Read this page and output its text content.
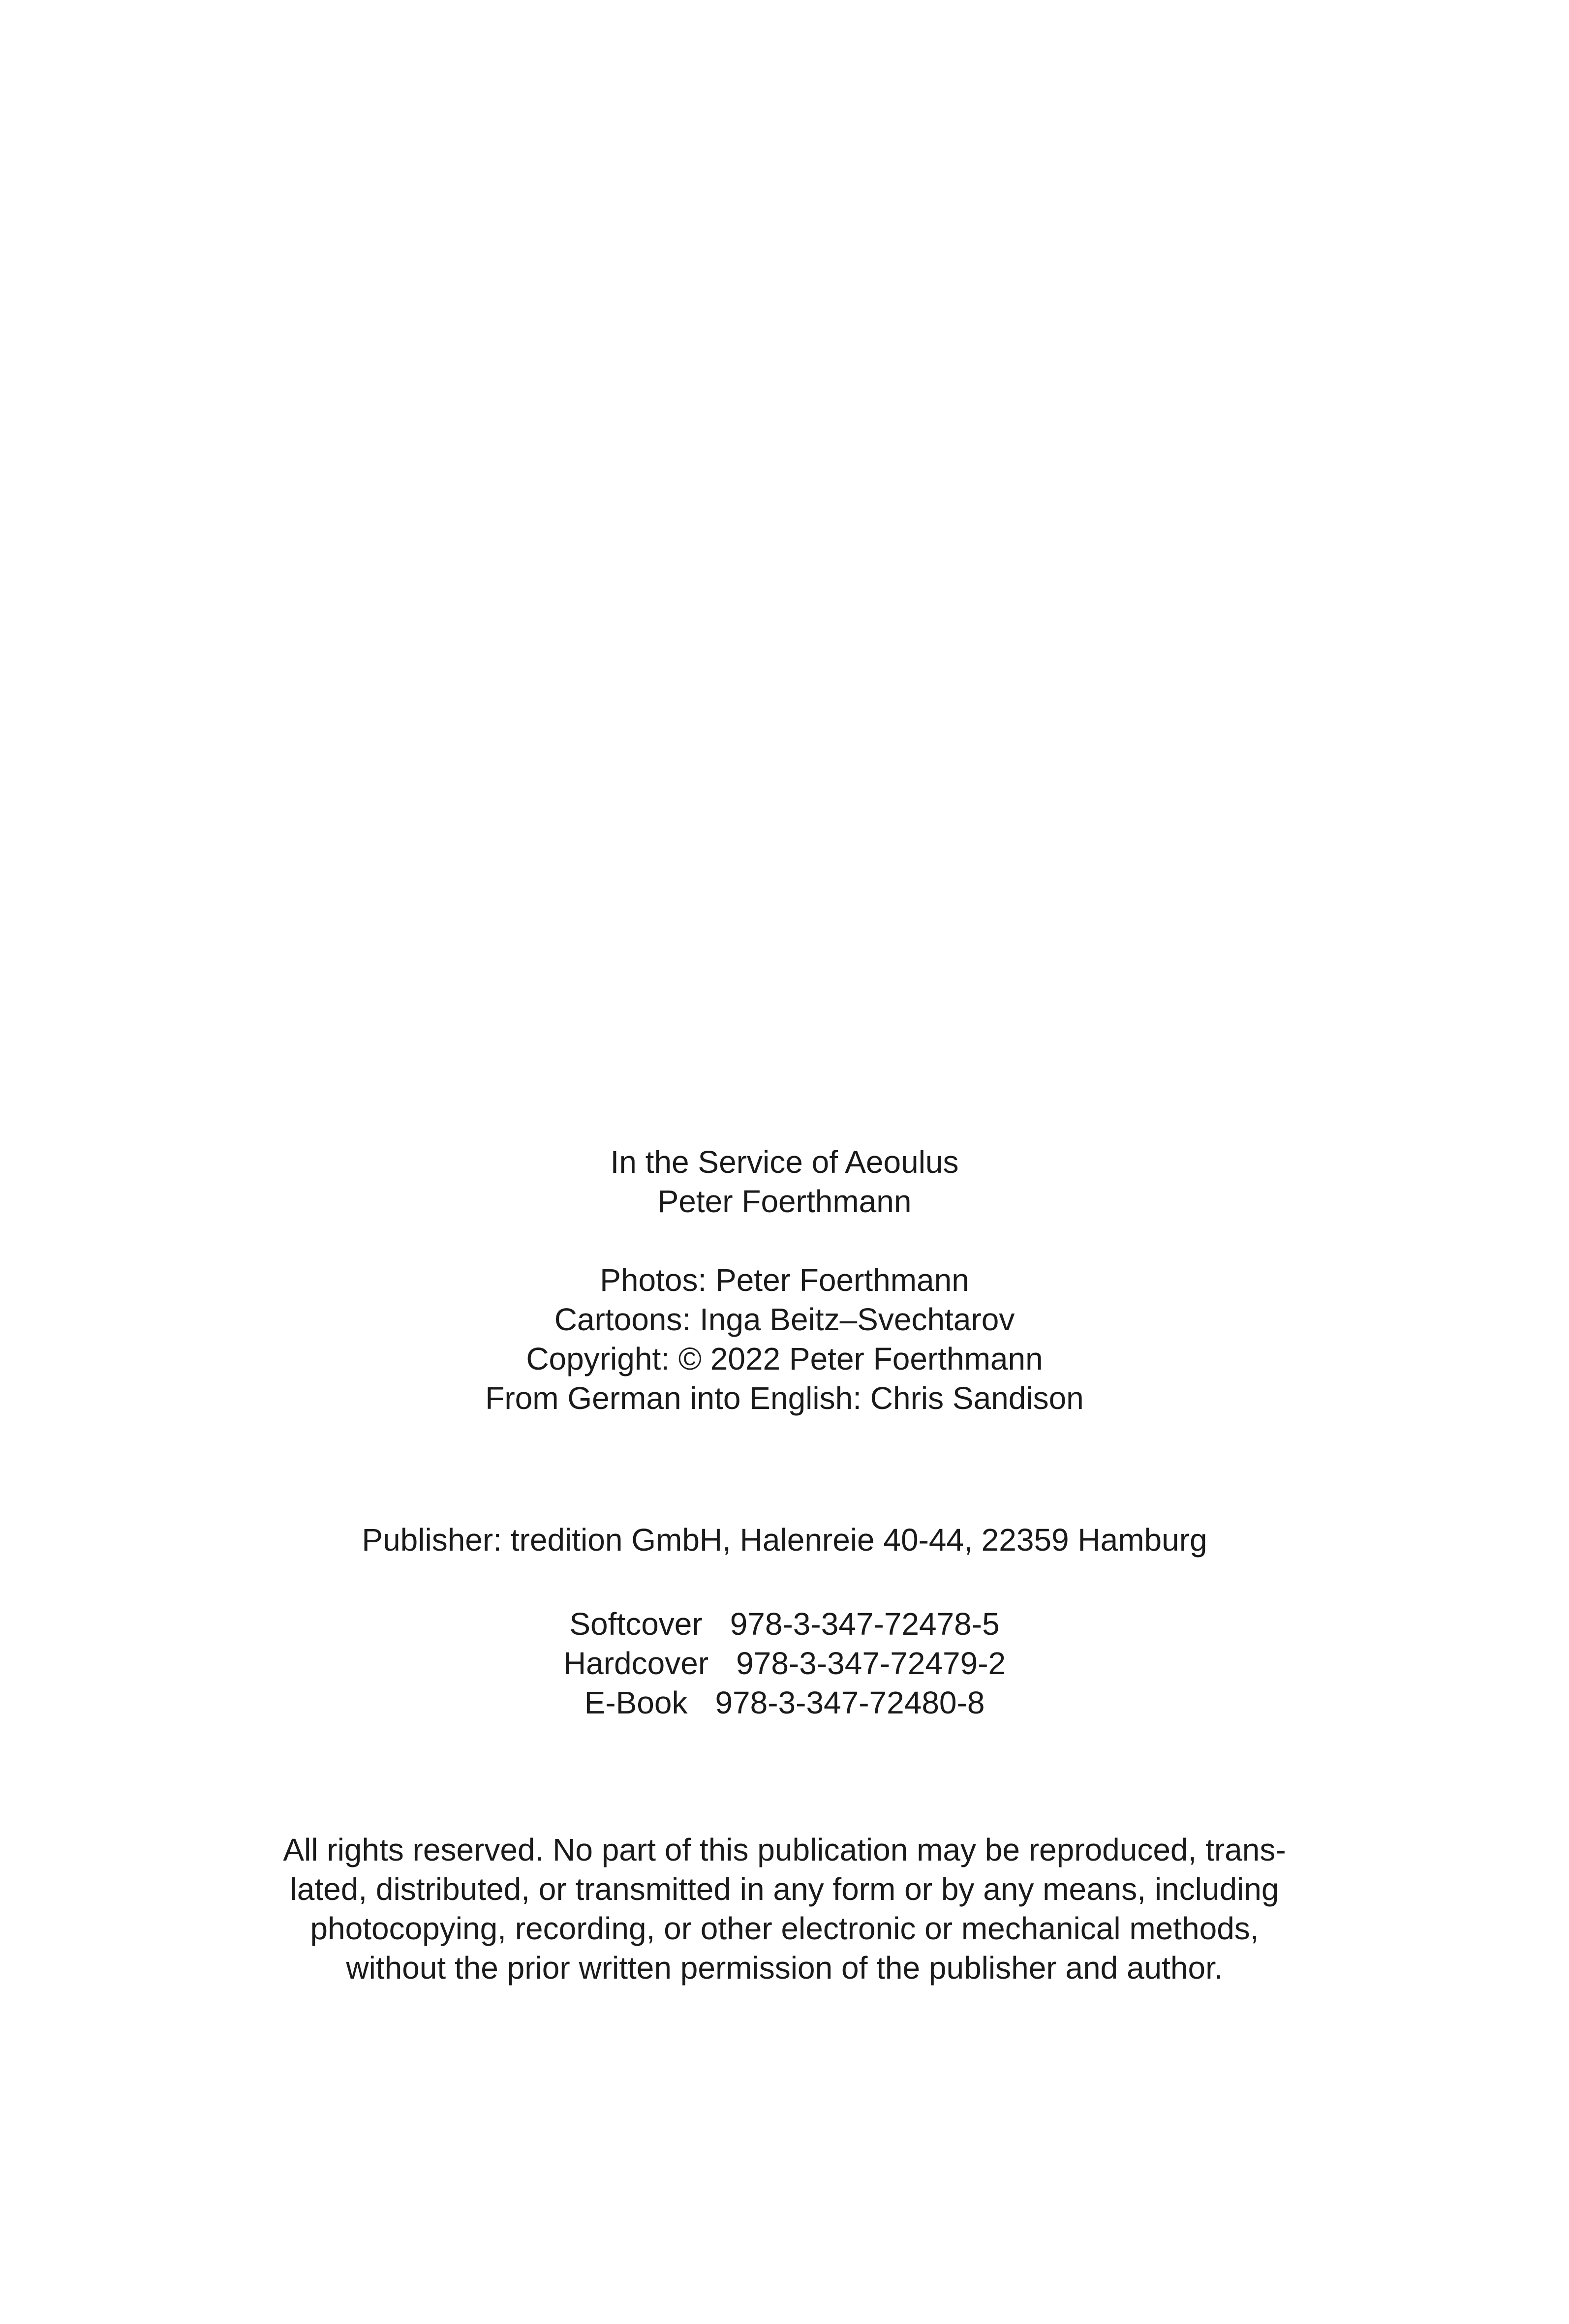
In the Service of Aeoulus
Peter Foerthmann
Photos: Peter Foerthmann
Cartoons: Inga Beitz–Svechtarov
Copyright: © 2022 Peter Foerthmann
From German into English: Chris Sandison
Publisher: tredition GmbH, Halenreie 40-44, 22359 Hamburg
Softcover 978-3-347-72478-5
Hardcover 978-3-347-72479-2
E-Book 978-3-347-72480-8
All rights reserved. No part of this publication may be reproduced, trans-
lated, distributed, or transmitted in any form or by any means, including
photocopying, recording, or other electronic or mechanical methods,
without the prior written permission of the publisher and author.
